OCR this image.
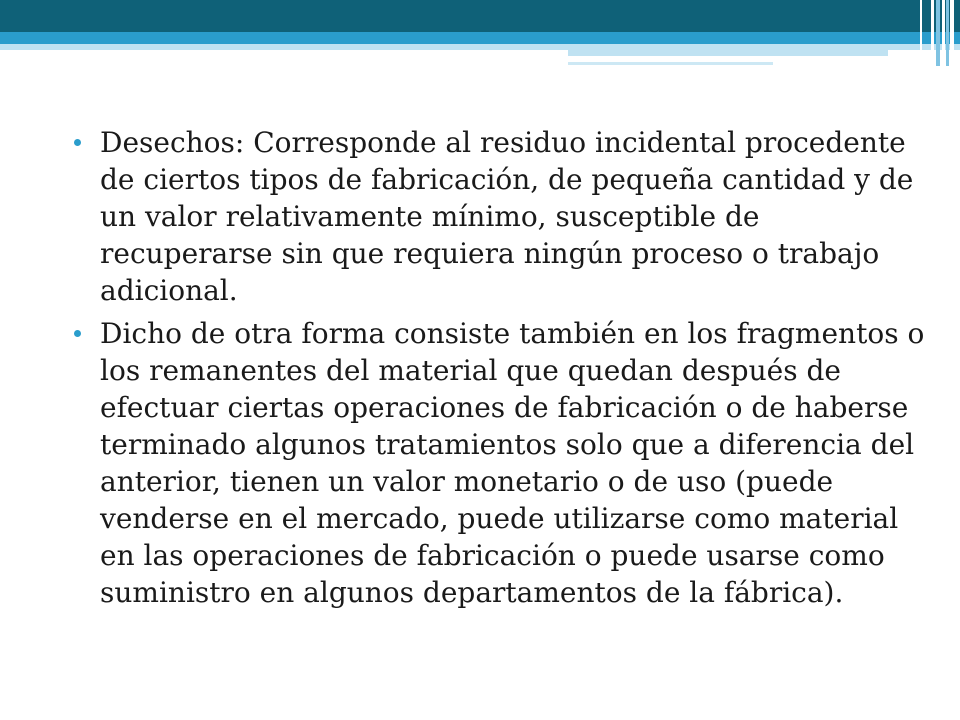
Desechos: Corresponde al residuo incidental procedente de ciertos tipos de fabricación, de pequeña cantidad y de un valor relativamente mínimo, susceptible de recuperarse sin que requiera ningún proceso o trabajo adicional.
Dicho de otra forma consiste también en los fragmentos o los remanentes del material que quedan después de efectuar ciertas operaciones de fabricación o de haberse terminado algunos tratamientos solo que a diferencia del anterior, tienen un valor monetario o de uso (puede venderse en el mercado, puede utilizarse como material en las operaciones de fabricación o puede usarse como suministro en algunos departamentos de la fábrica).
